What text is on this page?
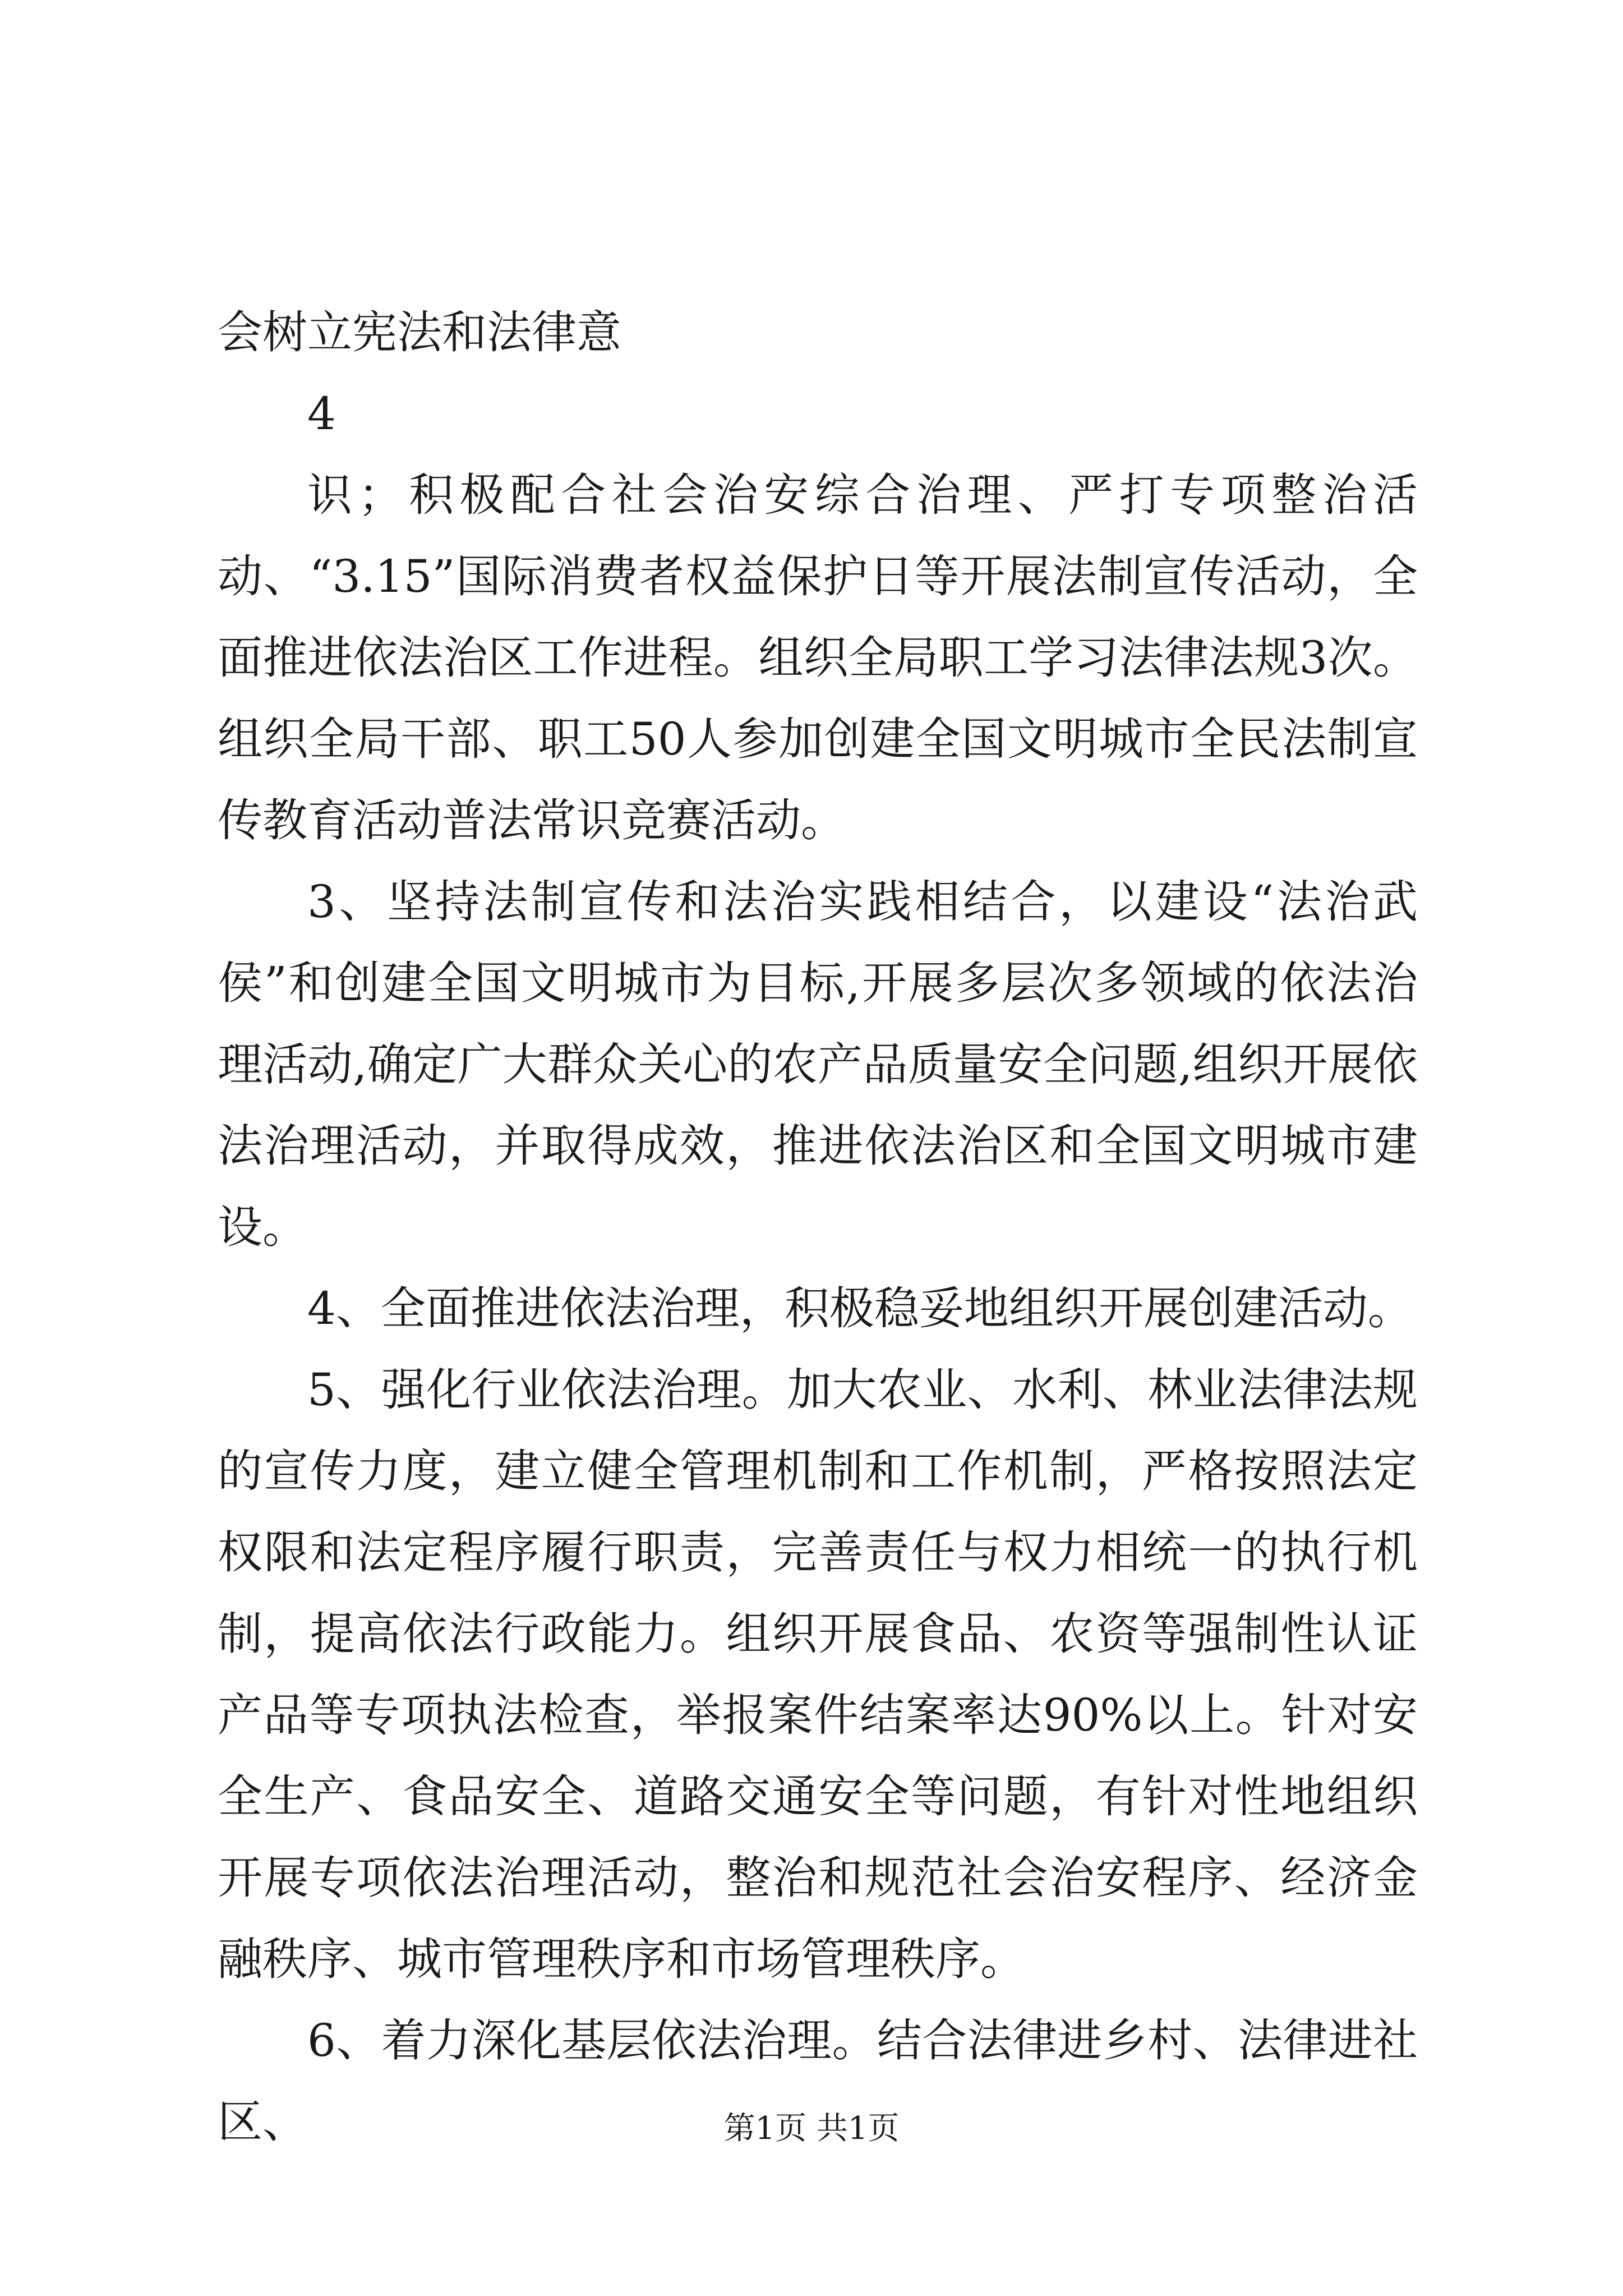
会树立宪法和法律意

4

识；积极配合社会治安综合治理、严打专项整治活动、“3.15”国际消费者权益保护日等开展法制宣传活动，全面推进依法治区工作进程。组织全局职工学习法律法规3次。组织全局干部、职工50人参加创建全国文明城市全民法制宣传教育活动普法常识竞赛活动。

3、坚持法制宣传和法治实践相结合，以建设“法治武侯”和创建全国文明城市为目标,开展多层次多领域的依法治理活动,确定广大群众关心的农产品质量安全问题,组织开展依法治理活动，并取得成效，推进依法治区和全国文明城市建设。

4、全面推进依法治理，积极稳妥地组织开展创建活动。

5、强化行业依法治理。加大农业、水利、林业法律法规的宣传力度，建立健全管理机制和工作机制，严格按照法定权限和法定程序履行职责，完善责任与权力相统一的执行机制，提高依法行政能力。组织开展食品、农资等强制性认证产品等专项执法检查，举报案件结案率达90%以上。针对安全生产、食品安全、道路交通安全等问题，有针对性地组织开展专项依法治理活动，整治和规范社会治安程序、经济金融秩序、城市管理秩序和市场管理秩序。

6、着力深化基层依法治理。结合法律进乡村、法律进社区、	第1页 共1页
